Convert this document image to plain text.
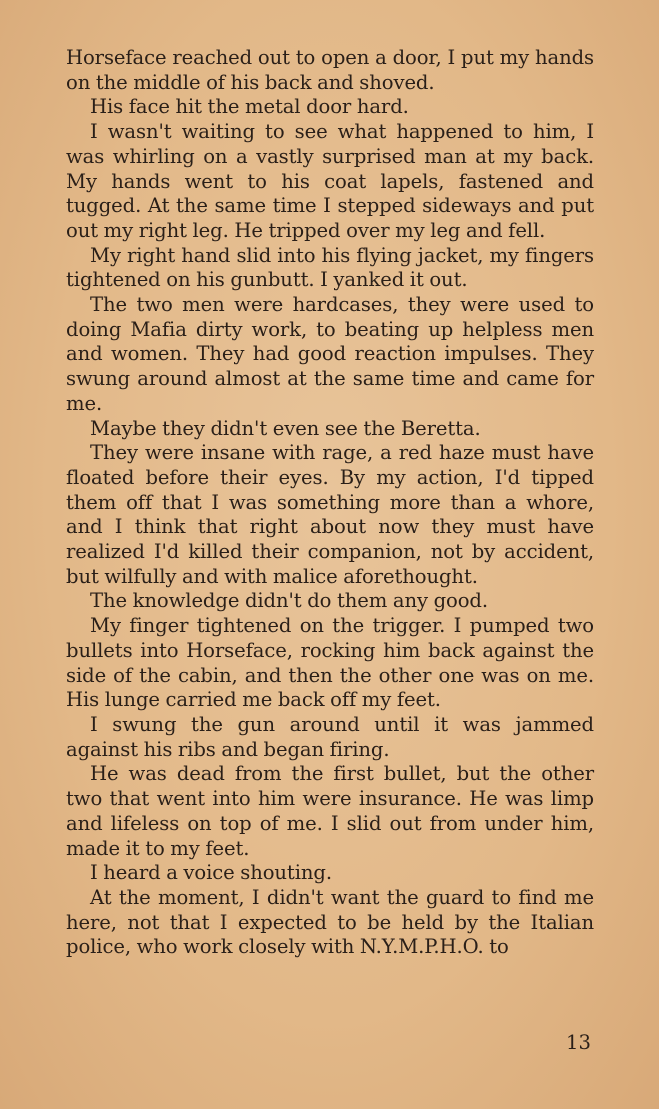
Horseface reached out to open a door, I put my hands on the middle of his back and shoved.

His face hit the metal door hard.

I wasn't waiting to see what happened to him, I was whirling on a vastly surprised man at my back. My hands went to his coat lapels, fastened and tugged. At the same time I stepped sideways and put out my right leg. He tripped over my leg and fell.

My right hand slid into his flying jacket, my fingers tightened on his gunbutt. I yanked it out.

The two men were hardcases, they were used to doing Mafia dirty work, to beating up helpless men and women. They had good reaction impulses. They swung around almost at the same time and came for me.

Maybe they didn't even see the Beretta.

They were insane with rage, a red haze must have floated before their eyes. By my action, I'd tipped them off that I was something more than a whore, and I think that right about now they must have realized I'd killed their companion, not by accident, but wilfully and with malice aforethought.

The knowledge didn't do them any good.

My finger tightened on the trigger. I pumped two bullets into Horseface, rocking him back against the side of the cabin, and then the other one was on me. His lunge carried me back off my feet.

I swung the gun around until it was jammed against his ribs and began firing.

He was dead from the first bullet, but the other two that went into him were insurance. He was limp and lifeless on top of me. I slid out from under him, made it to my feet.

I heard a voice shouting.

At the moment, I didn't want the guard to find me here, not that I expected to be held by the Italian police, who work closely with N.Y.M.P.H.O. to

13
